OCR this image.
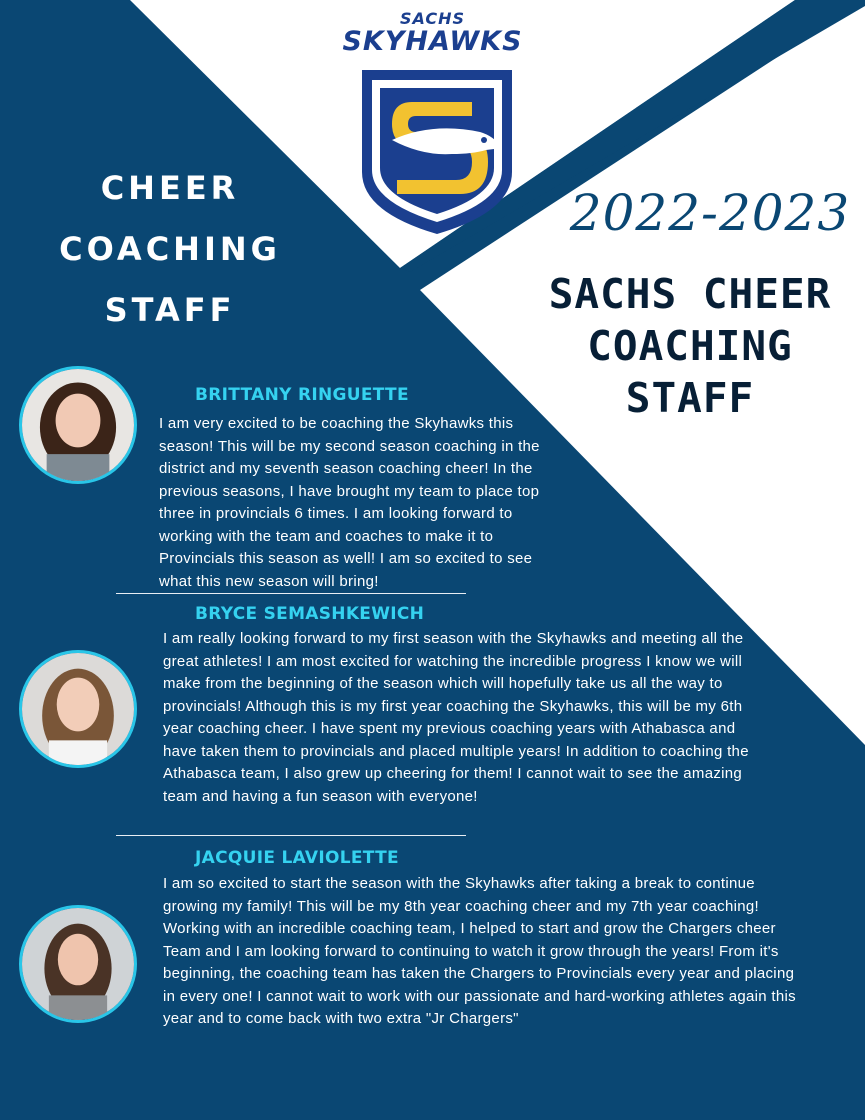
SACHS
SKYHAWKS
CHEER
COACHING
STAFF
2022-2023
SACHS CHEER
COACHING STAFF
BRITTANY RINGUETTE

I am very excited to be coaching the Skyhawks this season! This will be my second season coaching in the district and my seventh season coaching cheer! In the previous seasons, I have brought my team to place top three in provincials 6 times. I am looking forward to working with the team and coaches to make it to Provincials this season as well! I am so excited to see what this new season will bring!

BRYCE SEMASHKEWICH

I am really looking forward to my first season with the Skyhawks and meeting all the great athletes! I am most excited for watching the incredible progress I know we will make from the beginning of the season which will hopefully take us all the way to provincials! Although this is my first year coaching the Skyhawks, this will be my 6th year coaching cheer. I have spent my previous coaching years with Athabasca and have taken them to provincials and placed multiple years! In addition to coaching the Athabasca team, I also grew up cheering for them! I cannot wait to see the amazing team and having a fun season with everyone!

JACQUIE LAVIOLETTE

I am so excited to start the season with the Skyhawks after taking a break to continue growing my family! This will be my 8th year coaching cheer and my 7th year coaching! Working with an incredible coaching team, I helped to start and grow the Chargers cheer Team and I am looking forward to continuing to watch it grow through the years! From it's beginning, the coaching team has taken the Chargers to Provincials every year and placing in every one! I cannot wait to work with our passionate and hard-working athletes again this year and to come back with two extra "Jr Chargers"
